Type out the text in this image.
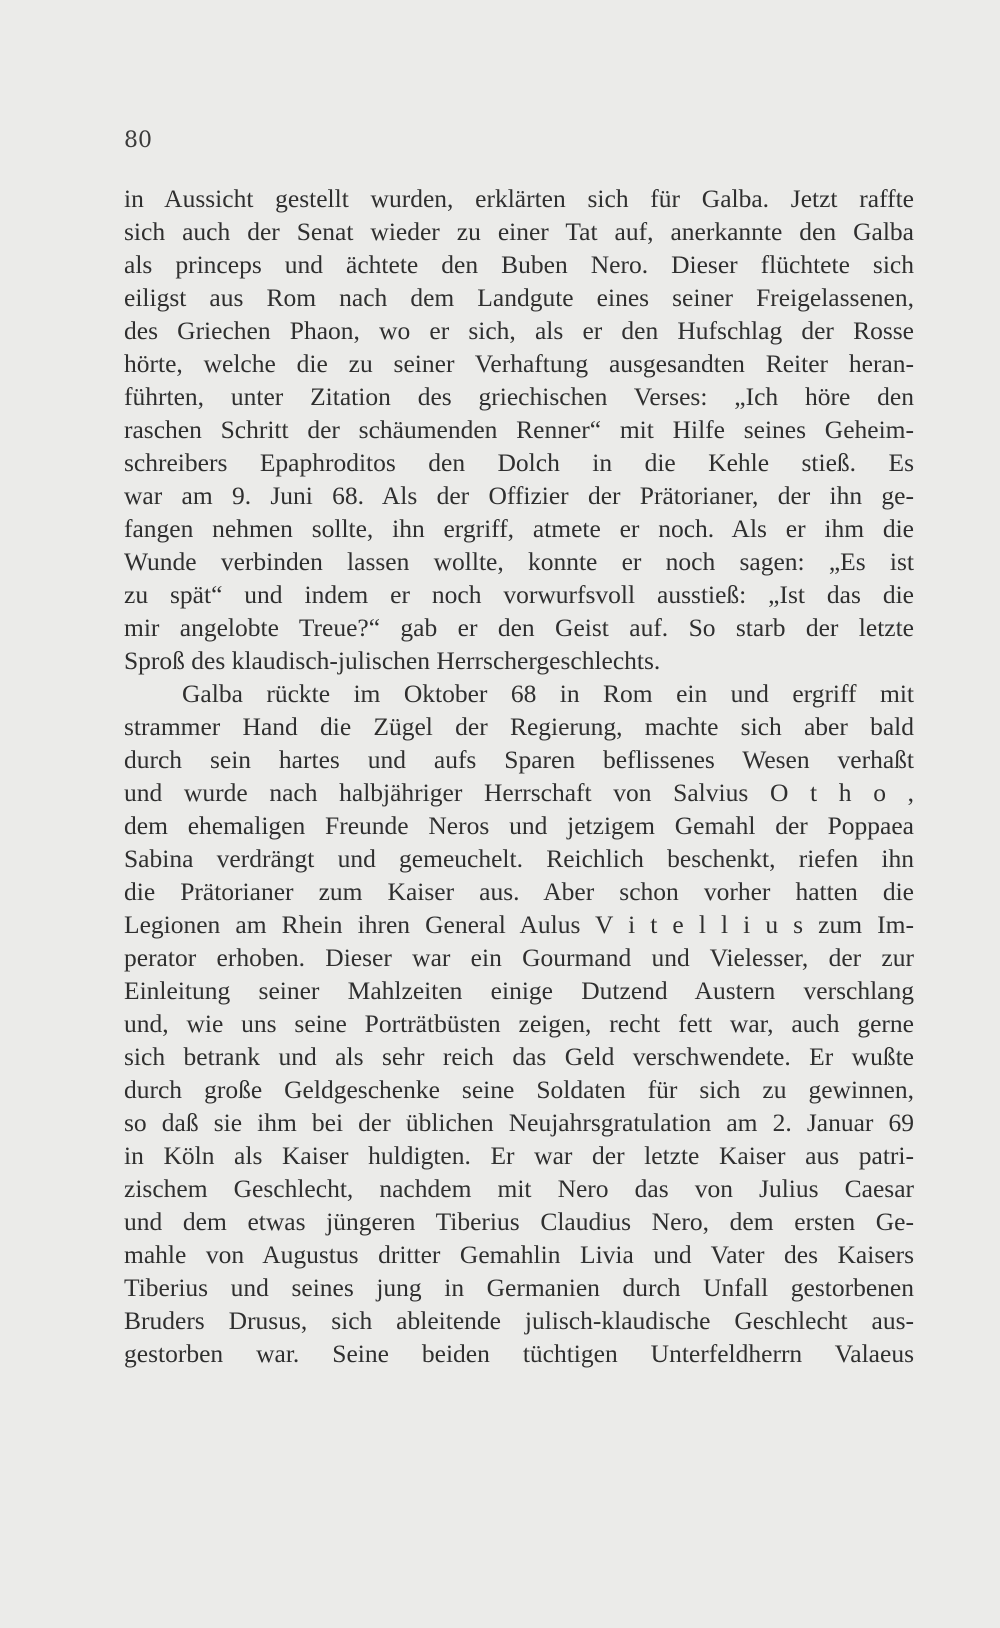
80
in Aussicht gestellt wurden, erklärten sich für Galba. Jetzt raffte
sich auch der Senat wieder zu einer Tat auf, anerkannte den Galba
als princeps und ächtete den Buben Nero. Dieser flüchtete sich
eiligst aus Rom nach dem Landgute eines seiner Freigelassenen,
des Griechen Phaon, wo er sich, als er den Hufschlag der Rosse
hörte, welche die zu seiner Verhaftung ausgesandten Reiter heran-
führten, unter Zitation des griechischen Verses: „Ich höre den
raschen Schritt der schäumenden Renner“ mit Hilfe seines Geheim-
schreibers Epaphroditos den Dolch in die Kehle stieß. Es
war am 9. Juni 68. Als der Offizier der Prätorianer, der ihn ge-
fangen nehmen sollte, ihn ergriff, atmete er noch. Als er ihm die
Wunde verbinden lassen wollte, konnte er noch sagen: „Es ist
zu spät“ und indem er noch vorwurfsvoll ausstieß: „Ist das die
mir angelobte Treue?“ gab er den Geist auf. So starb der letzte
Sproß des klaudisch-julischen Herrschergeschlechts.
Galba rückte im Oktober 68 in Rom ein und ergriff mit
strammer Hand die Zügel der Regierung, machte sich aber bald
durch sein hartes und aufs Sparen beflissenes Wesen verhaßt
und wurde nach halbjähriger Herrschaft von Salvius O t h o ,
dem ehemaligen Freunde Neros und jetzigem Gemahl der Poppaea
Sabina verdrängt und gemeuchelt. Reichlich beschenkt, riefen ihn
die Prätorianer zum Kaiser aus. Aber schon vorher hatten die
Legionen am Rhein ihren General Aulus V i t e l l i u s zum Im-
perator erhoben. Dieser war ein Gourmand und Vielesser, der zur
Einleitung seiner Mahlzeiten einige Dutzend Austern verschlang
und, wie uns seine Porträtbüsten zeigen, recht fett war, auch gerne
sich betrank und als sehr reich das Geld verschwendete. Er wußte
durch große Geldgeschenke seine Soldaten für sich zu gewinnen,
so daß sie ihm bei der üblichen Neujahrsgratulation am 2. Januar 69
in Köln als Kaiser huldigten. Er war der letzte Kaiser aus patri-
zischem Geschlecht, nachdem mit Nero das von Julius Caesar
und dem etwas jüngeren Tiberius Claudius Nero, dem ersten Ge-
mahle von Augustus dritter Gemahlin Livia und Vater des Kaisers
Tiberius und seines jung in Germanien durch Unfall gestorbenen
Bruders Drusus, sich ableitende julisch-klaudische Geschlecht aus-
gestorben war. Seine beiden tüchtigen Unterfeldherrn Valaeus
